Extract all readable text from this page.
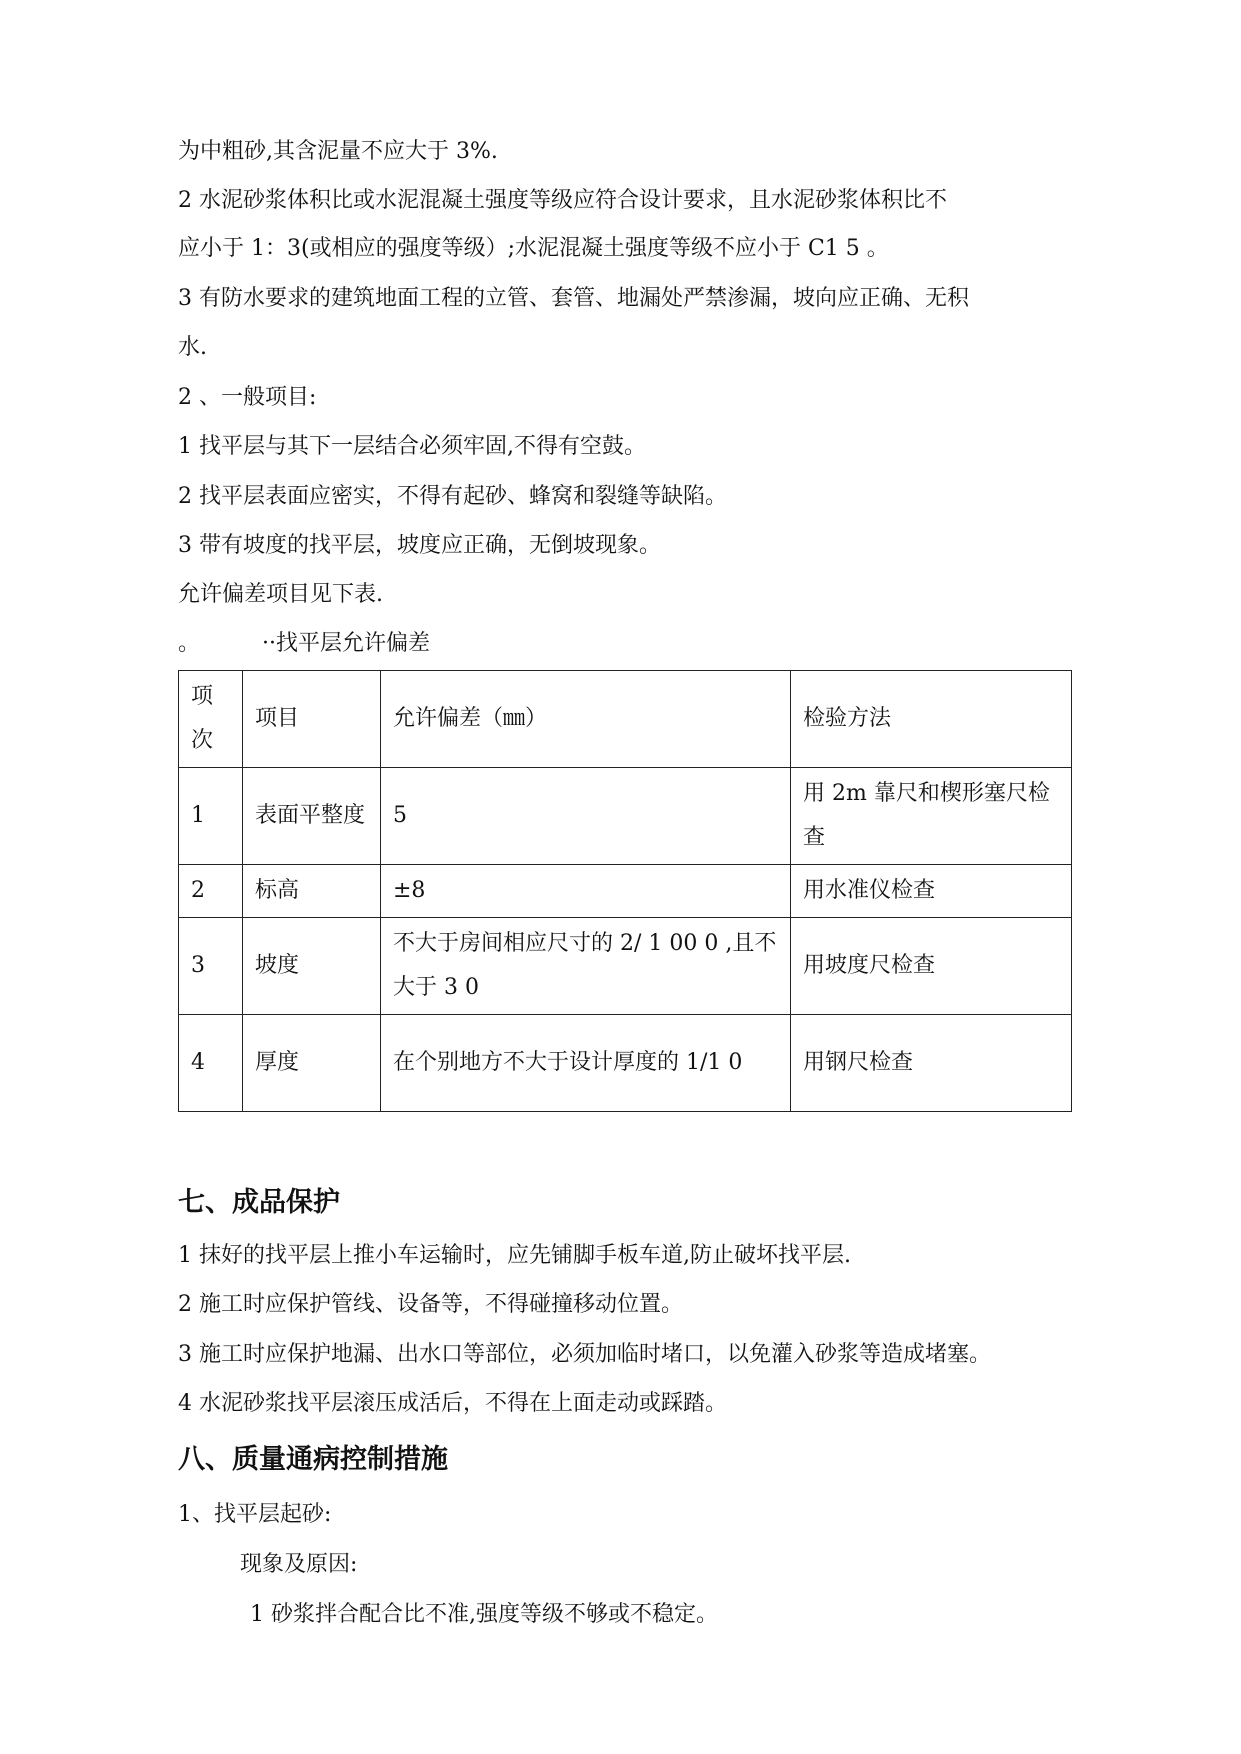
为中粗砂,其含泥量不应大于 3%.
2 水泥砂浆体积比或水泥混凝土强度等级应符合设计要求，且水泥砂浆体积比不
应小于 1：3(或相应的强度等级）;水泥混凝土强度等级不应小于 C1 5 。
3 有防水要求的建筑地面工程的立管、套管、地漏处严禁渗漏，坡向应正确、无积
水.
2 、一般项目:
1 找平层与其下一层结合必须牢固,不得有空鼓。
2 找平层表面应密实，不得有起砂、蜂窝和裂缝等缺陷。
3 带有坡度的找平层，坡度应正确，无倒坡现象。
允许偏差项目见下表.
。	··找平层允许偏差
项次	项目	允许偏差（㎜）	检验方法
1	表面平整度	5	用 2m 靠尺和楔形塞尺检查
2	标高	±8	用水准仪检查
3	坡度	不大于房间相应尺寸的 2/ 1 00 0 ,且不大于 3 0	用坡度尺检查
4	厚度	在个别地方不大于设计厚度的 1/1 0	用钢尺检查
七、成品保护
1 抹好的找平层上推小车运输时，应先铺脚手板车道,防止破坏找平层.
2 施工时应保护管线、设备等，不得碰撞移动位置。
3 施工时应保护地漏、出水口等部位，必须加临时堵口，以免灌入砂浆等造成堵塞。
4 水泥砂浆找平层滚压成活后，不得在上面走动或踩踏。
八、质量通病控制措施
1、找平层起砂:
现象及原因:
1 砂浆拌合配合比不准,强度等级不够或不稳定。
